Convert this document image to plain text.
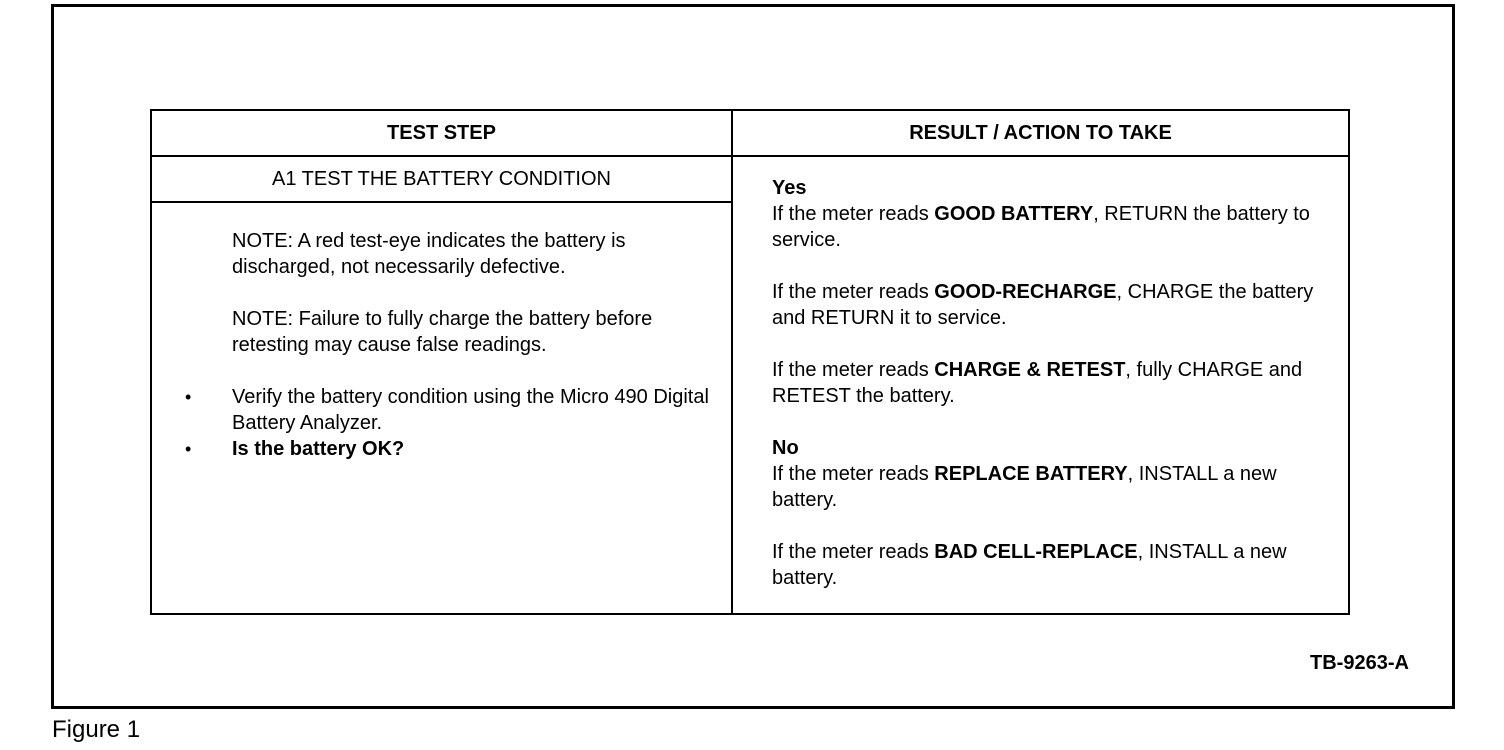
TEST STEP	RESULT / ACTION TO TAKE
A1 TEST THE BATTERY CONDITION

NOTE: A red test-eye indicates the battery is discharged, not necessarily defective.

NOTE: Failure to fully charge the battery before retesting may cause false readings.

• Verify the battery condition using the Micro 490 Digital Battery Analyzer.
• Is the battery OK?

Yes

If the meter reads GOOD BATTERY, RETURN the battery to service.

If the meter reads GOOD-RECHARGE, CHARGE the battery and RETURN it to service.

If the meter reads CHARGE & RETEST, fully CHARGE and RETEST the battery.

No

If the meter reads REPLACE BATTERY, INSTALL a new battery.

If the meter reads BAD CELL-REPLACE, INSTALL a new battery.

TB-9263-A
Figure 1
